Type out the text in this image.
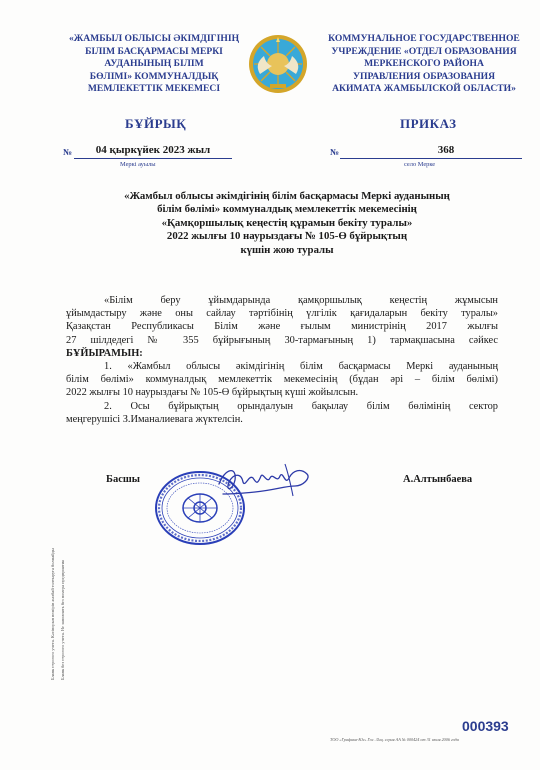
«ЖАМБЫЛ ОБЛЫСЫ ӘКІМДІГІНІҢ
БІЛІМ БАСҚАРМАСЫ МЕРКІ
АУДАНЫНЫҢ БІЛІМ
БӨЛІМІ» КОММУНАЛДЫҚ
МЕМЛЕКЕТТІК МЕКЕМЕСІ
КОММУНАЛЬНОЕ ГОСУДАРСТВЕННОЕ
УЧРЕЖДЕНИЕ «ОТДЕЛ ОБРАЗОВАНИЯ
МЕРКЕНСКОГО РАЙОНА
УПРАВЛЕНИЯ ОБРАЗОВАНИЯ
АКИМАТА ЖАМБЫЛСКОЙ ОБЛАСТИ»
БҰЙРЫҚ	ПРИКАЗ
№	04 қыркүйек 2023 жыл
Меркі ауылы
№	368
село Мерке
«Жамбыл облысы әкімдігінің білім басқармасы Меркі ауданының
білім бөлімі» коммуналдық мемлекеттік мекемесінің
«Қамқоршылық кеңестің құрамын бекіту туралы»
2022 жылғы 10 наурыздағы № 105-Ө бұйрықтың
күшін жою туралы

«Білім беру ұйымдарында қамқоршылық кеңестің жұмысын

ұйымдастыру және оны сайлау тәртібінің үлгілік қағидаларын бекіту туралы»

Қазақстан Республикасы Білім және ғылым министрінің 2017 жылғы

27 шілдедегі № 355 бұйрығының 30-тармағының 1) тармақшасына сәйкес

БҰЙЫРАМЫН:

1. «Жамбыл облысы әкімдігінің білім басқармасы Меркі ауданының

білім бөлімі» коммуналдық мемлекеттік мекемесінің (бұдан әрі – білім бөлімі)

2022 жылғы 10 наурыздағы № 105-Ө бұйрықтың күші жойылсын.

2. Осы бұйрықтың орындалуын бақылау білім бөлімінің сектор

меңгерушісі З.Иманалиевага жүктелсін.

Басшы	А.Алтынбаева
Бланк строгого учета. Кәсіпорын нөмірін жазбай толтыруға болмайды Бланк без строгого учета. Не заполнять без номера предприятия
000393
ТОО «Графика-Юг» Гос. Лиц. серия АА № 000424 от 31 июля 2006 года
